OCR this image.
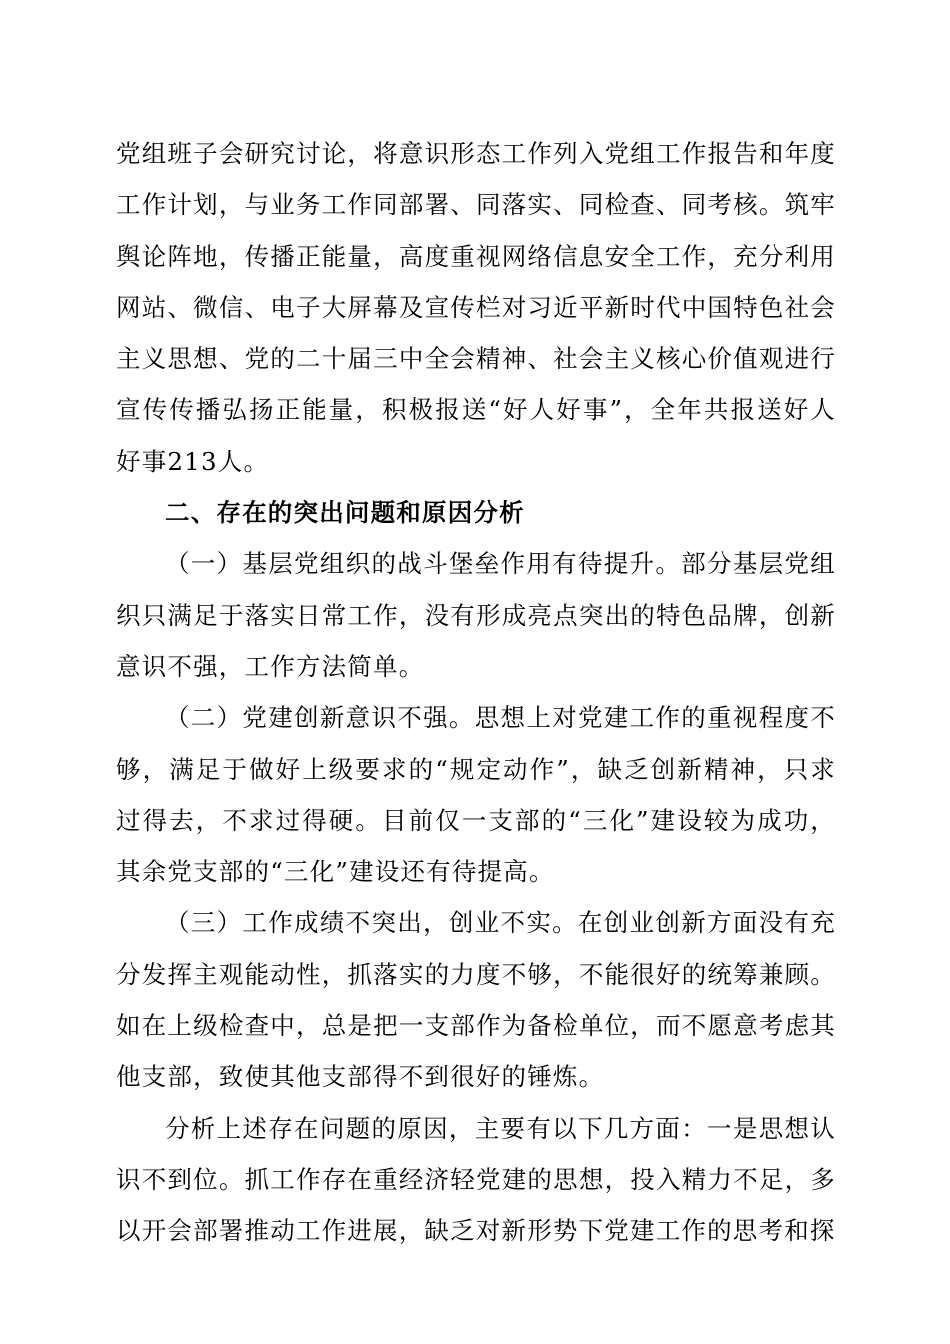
党组班子会研究讨论，将意识形态工作列入党组工作报告和年度工作计划，与业务工作同部署、同落实、同检查、同考核。筑牢舆论阵地，传播正能量，高度重视网络信息安全工作，充分利用网站、微信、电子大屏幕及宣传栏对习近平新时代中国特色社会主义思想、党的二十届三中全会精神、社会主义核心价值观进行宣传传播弘扬正能量，积极报送“好人好事”，全年共报送好人好事213人。

二、存在的突出问题和原因分析

（一）基层党组织的战斗堡垒作用有待提升。部分基层党组织只满足于落实日常工作，没有形成亮点突出的特色品牌，创新意识不强，工作方法简单。

（二）党建创新意识不强。思想上对党建工作的重视程度不够，满足于做好上级要求的“规定动作”，缺乏创新精神，只求过得去，不求过得硬。目前仅一支部的“三化”建设较为成功，其余党支部的“三化”建设还有待提高。

（三）工作成绩不突出，创业不实。在创业创新方面没有充分发挥主观能动性，抓落实的力度不够，不能很好的统筹兼顾。如在上级检查中，总是把一支部作为备检单位，而不愿意考虑其他支部，致使其他支部得不到很好的锤炼。

分析上述存在问题的原因，主要有以下几方面：一是思想认识不到位。抓工作存在重经济轻党建的思想，投入精力不足，多以开会部署推动工作进展，缺乏对新形势下党建工作的思考和探
